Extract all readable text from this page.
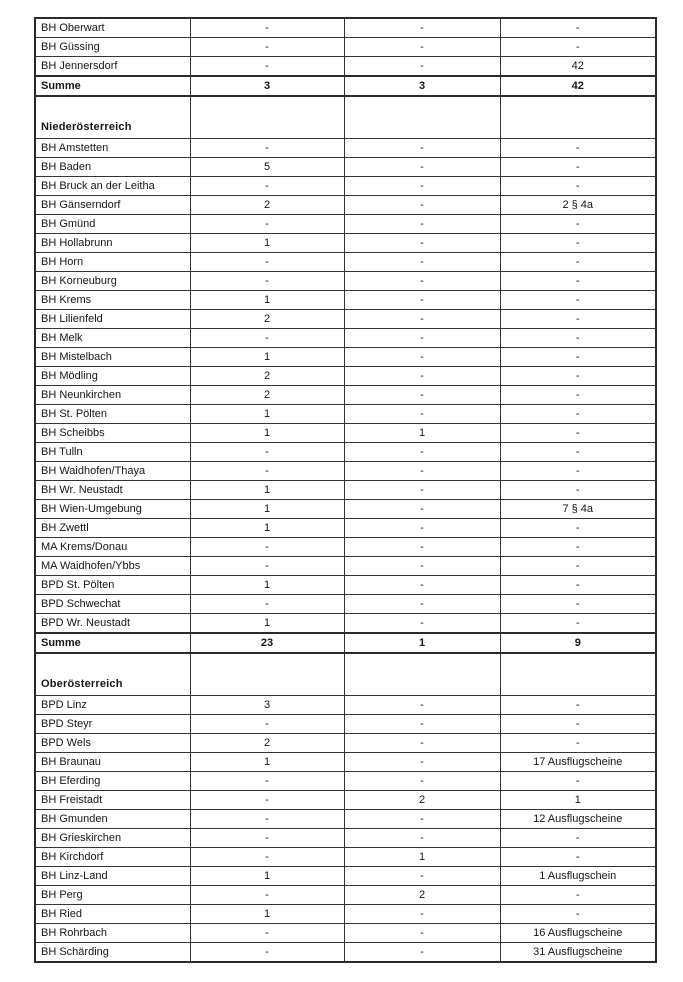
BH Oberwart	-	-	-
BH Güssing	-	-	-
BH Jennersdorf	-	-	42
Summe	3	3	42
Niederösterreich			
BH Amstetten	-	-	-
BH Baden	5	-	-
BH Bruck an der Leitha	-	-	-
BH Gänserndorf	2	-	2 § 4a
BH Gmünd	-	-	-
BH Hollabrunn	1	-	-
BH Horn	-	-	-
BH Korneuburg	-	-	-
BH Krems	1	-	-
BH Lilienfeld	2	-	-
BH Melk	-	-	-
BH Mistelbach	1	-	-
BH Mödling	2	-	-
BH Neunkirchen	2	-	-
BH St. Pölten	1	-	-
BH Scheibbs	1	1	-
BH Tulln	-	-	-
BH Waidhofen/Thaya	-	-	-
BH Wr. Neustadt	1	-	-
BH Wien-Umgebung	1	-	7 § 4a
BH Zwettl	1	-	-
MA Krems/Donau	-	-	-
MA Waidhofen/Ybbs	-	-	-
BPD St. Pölten	1	-	-
BPD Schwechat	-	-	-
BPD Wr. Neustadt	1	-	-
Summe	23	1	9
Oberösterreich			
BPD Linz	3	-	-
BPD Steyr	-	-	-
BPD Wels	2	-	-
BH Braunau	1	-	17 Ausflugscheine
BH Eferding	-	-	-
BH Freistadt	-	2	1
BH Gmunden	-	-	12 Ausflugscheine
BH Grieskirchen	-	-	-
BH Kirchdorf	-	1	-
BH Linz-Land	1	-	1 Ausflugschein
BH Perg	-	2	-
BH Ried	1	-	-
BH Rohrbach	-	-	16 Ausflugscheine
BH Schärding	-	-	31 Ausflugscheine
